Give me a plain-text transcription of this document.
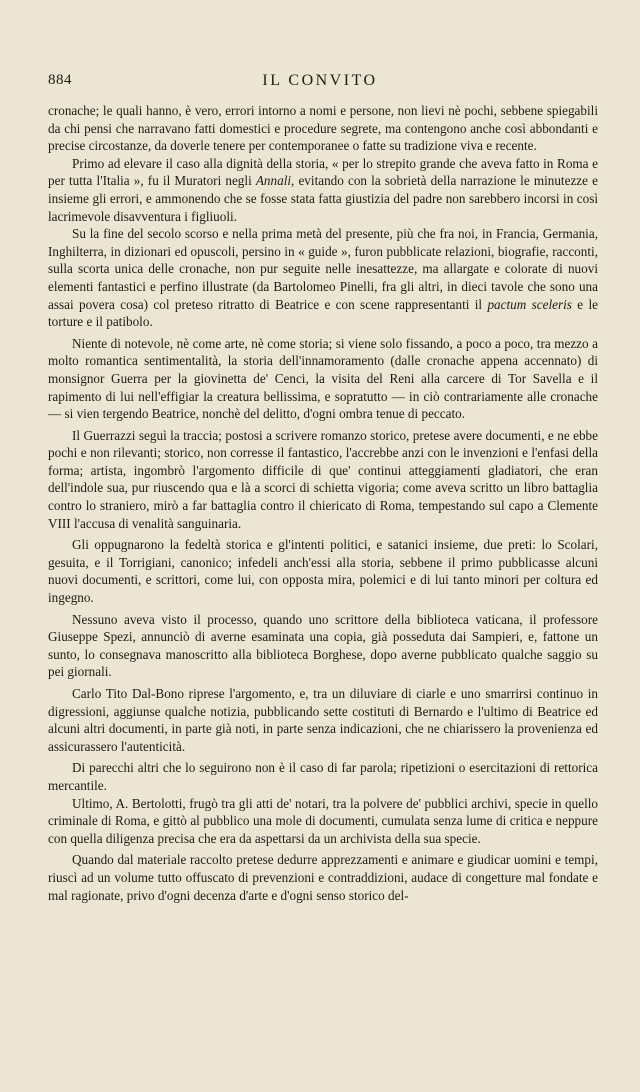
884	IL CONVITO

cronache; le quali hanno, è vero, errori intorno a nomi e persone, non lievi nè pochi, sebbene spiegabili da chi pensi che narravano fatti domestici e procedure segrete, ma contengono anche così abbondanti e precise circostanze, da doverle tenere per contemporanee o fatte su tradizione viva e recente.

Primo ad elevare il caso alla dignità della storia, « per lo strepito grande che aveva fatto in Roma e per tutta l'Italia », fu il Muratori negli Annali, evitando con la sobrietà della narrazione le minutezze e insieme gli errori, e ammonendo che se fosse stata fatta giustizia del padre non sarebbero incorsi in così lacrimevole disavventura i figliuoli.

Su la fine del secolo scorso e nella prima metà del presente, più che fra noi, in Francia, Germania, Inghilterra, in dizionari ed opuscoli, persino in « guide », furon pubblicate relazioni, biografie, racconti, sulla scorta unica delle cronache, non pur seguite nelle inesattezze, ma allargate e colorate di nuovi elementi fantastici e perfino illustrate (da Bartolomeo Pinelli, fra gli altri, in dieci tavole che sono una assai povera cosa) col preteso ritratto di Beatrice e con scene rappresentanti il pactum sceleris e le torture e il patibolo.

Niente di notevole, nè come arte, nè come storia; si viene solo fissando, a poco a poco, tra mezzo a molto romantica sentimentalità, la storia dell'innamoramento (dalle cronache appena accennato) di monsignor Guerra per la giovinetta de' Cenci, la visita del Reni alla carcere di Tor Savella e il rapimento di lui nell'effigiar la creatura bellissima, e sopratutto — in ciò contrariamente alle cronache — si vien tergendo Beatrice, nonchè del delitto, d'ogni ombra tenue di peccato.

Il Guerrazzi seguì la traccia; postosi a scrivere romanzo storico, pretese avere documenti, e ne ebbe pochi e non rilevanti; storico, non corresse il fantastico, l'accrebbe anzi con le invenzioni e l'enfasi della forma; artista, ingombrò l'argomento difficile di que' continui atteggiamenti gladiatori, che eran dell'indole sua, pur riuscendo qua e là a scorci di schietta vigoria; come aveva scritto un libro battaglia contro lo straniero, mirò a far battaglia contro il chiericato di Roma, tempestando sul capo a Clemente VIII l'accusa di venalità sanguinaria.

Gli oppugnarono la fedeltà storica e gl'intenti politici, e satanici insieme, due preti: lo Scolari, gesuita, e il Torrigiani, canonico; infedeli anch'essi alla storia, sebbene il primo pubblicasse alcuni nuovi documenti, e scrittori, come lui, con opposta mira, polemici e di lui tanto minori per coltura ed ingegno.

Nessuno aveva visto il processo, quando uno scrittore della biblioteca vaticana, il professore Giuseppe Spezi, annunciò di averne esaminata una copia, già posseduta dai Sampieri, e, fattone un sunto, lo consegnava manoscritto alla biblioteca Borghese, dopo averne pubblicato qualche saggio su pei giornali.

Carlo Tito Dal-Bono riprese l'argomento, e, tra un diluviare di ciarle e uno smarrirsi continuo in digressioni, aggiunse qualche notizia, pubblicando sette costituti di Bernardo e l'ultimo di Beatrice ed alcuni altri documenti, in parte già noti, in parte senza indicazioni, che ne chiarissero la provenienza ed assicurassero l'autenticità.

Di parecchi altri che lo seguirono non è il caso di far parola; ripetizioni o esercitazioni di rettorica mercantile.

Ultimo, A. Bertolotti, frugò tra gli atti de' notari, tra la polvere de' pubblici archivi, specie in quello criminale di Roma, e gittò al pubblico una mole di documenti, cumulata senza lume di critica e neppure con quella diligenza precisa che era da aspettarsi da un archivista della sua specie.

Quando dal materiale raccolto pretese dedurre apprezzamenti e animare e giudicar uomini e tempi, riuscì ad un volume tutto offuscato di prevenzioni e contraddizioni, audace di congetture mal fondate e mal ragionate, privo d'ogni decenza d'arte e d'ogni senso storico del-
